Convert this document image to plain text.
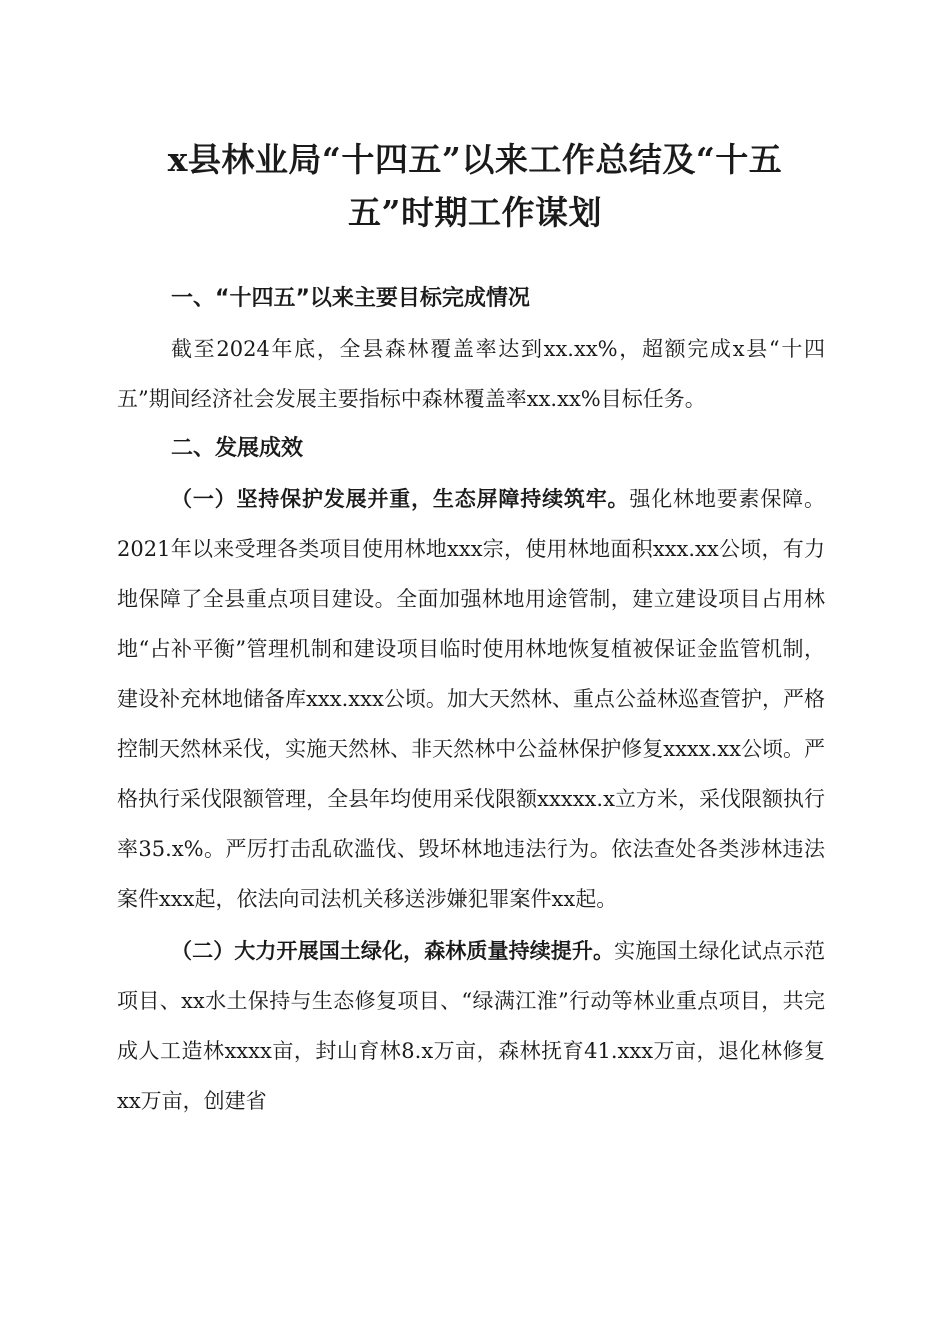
x县林业局“十四五”以来工作总结及“十五
五”时期工作谋划

一、“十四五”以来主要目标完成情况

截至2024年底，全县森林覆盖率达到xx.xx%，超额完成x县“十四五”期间经济社会发展主要指标中森林覆盖率xx.xx%目标任务。

二、发展成效

（一）坚持保护发展并重，生态屏障持续筑牢。强化林地要素保障。2021年以来受理各类项目使用林地xxx宗，使用林地面积xxx.xx公顷，有力地保障了全县重点项目建设。全面加强林地用途管制，建立建设项目占用林地“占补平衡”管理机制和建设项目临时使用林地恢复植被保证金监管机制，建设补充林地储备库xxx.xxx公顷。加大天然林、重点公益林巡查管护，严格控制天然林采伐，实施天然林、非天然林中公益林保护修复xxxx.xx公顷。严格执行采伐限额管理，全县年均使用采伐限额xxxxx.x立方米，采伐限额执行率35.x%。严厉打击乱砍滥伐、毁坏林地违法行为。依法查处各类涉林违法案件xxx起，依法向司法机关移送涉嫌犯罪案件xx起。

（二）大力开展国土绿化，森林质量持续提升。实施国土绿化试点示范项目、xx水土保持与生态修复项目、“绿满江淮”行动等林业重点项目，共完成人工造林xxxx亩，封山育林8.x万亩，森林抚育41.xxx万亩，退化林修复xx万亩，创建省
